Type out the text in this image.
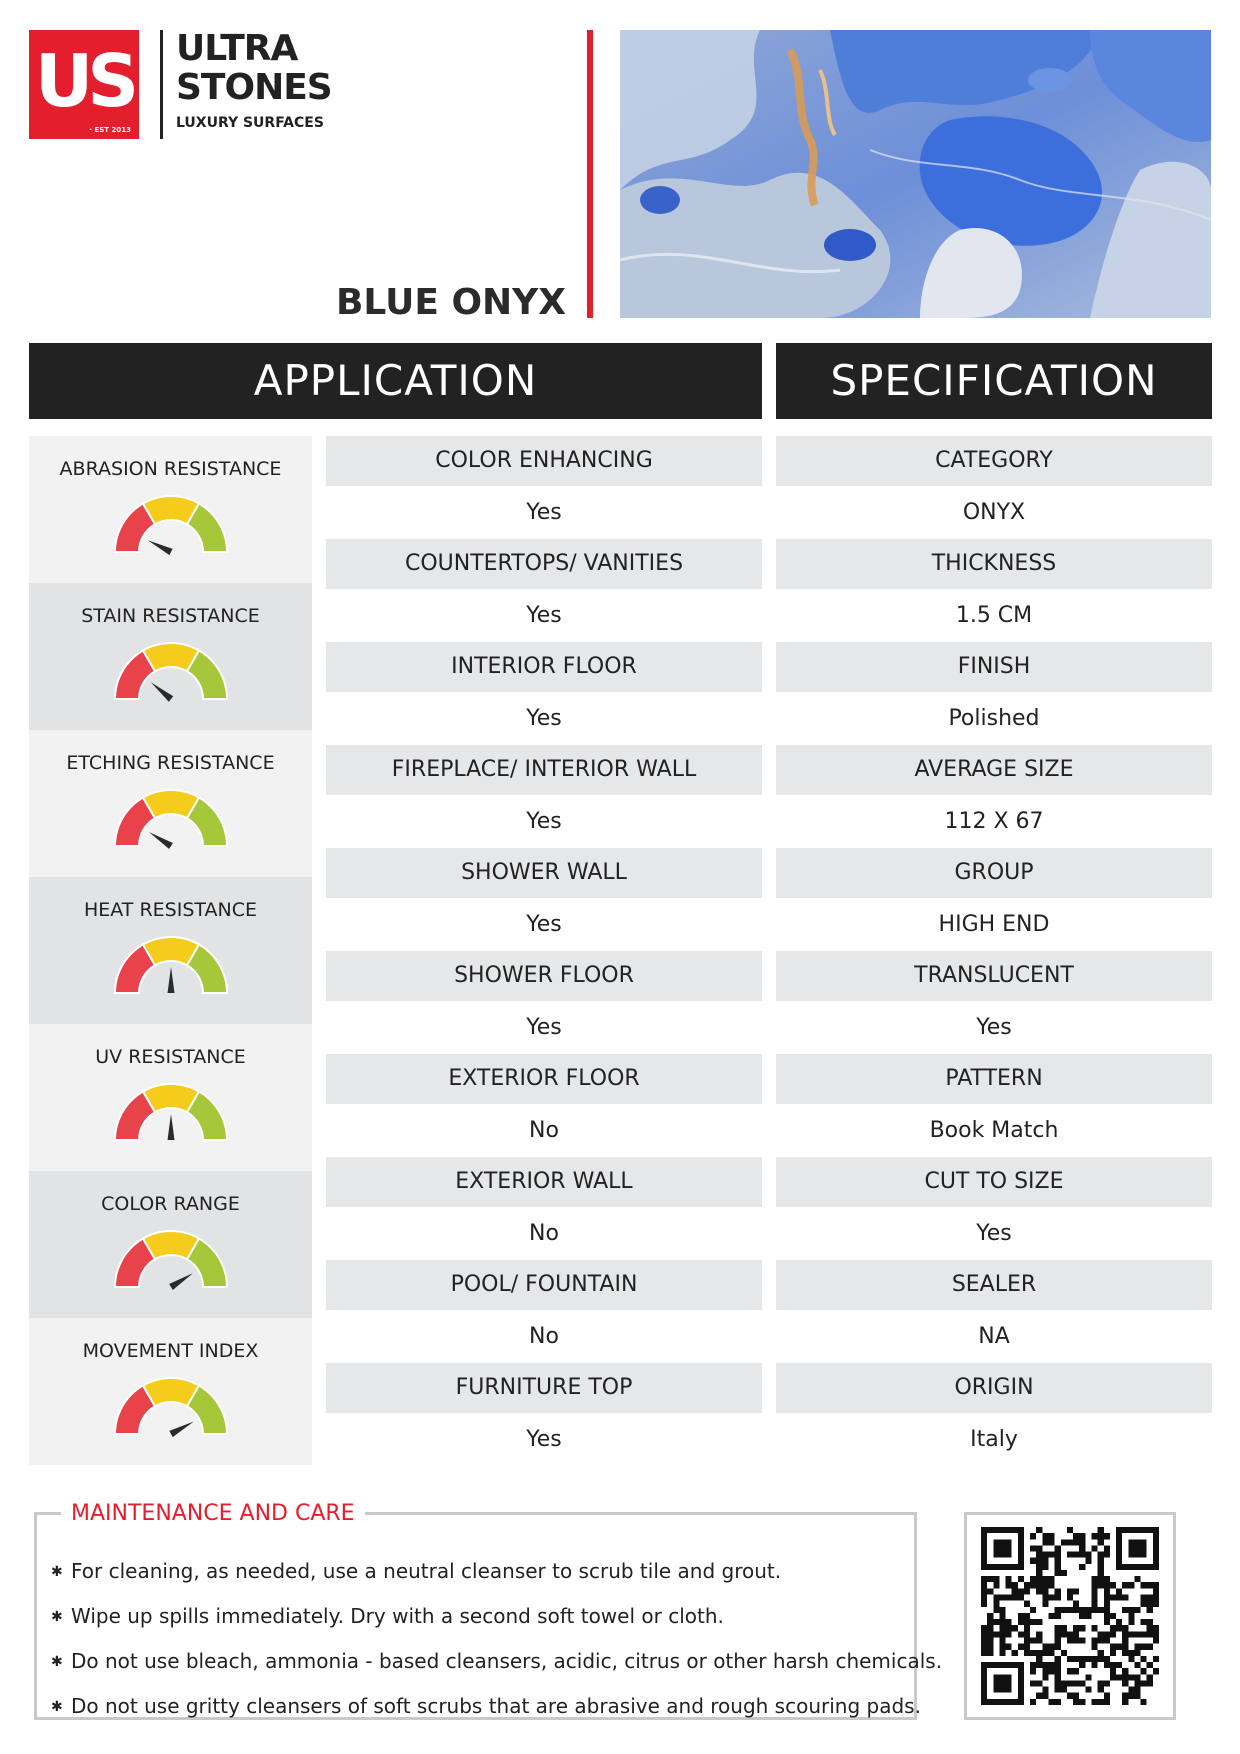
US
· EST 2013
ULTRA
STONES
LUXURY SURFACES
BLUE ONYX
APPLICATION	SPECIFICATION
ABRASION RESISTANCE
STAIN RESISTANCE
ETCHING RESISTANCE
HEAT RESISTANCE
UV RESISTANCE
COLOR RANGE
MOVEMENT INDEX
COLOR ENHANCING
Yes
COUNTERTOPS/ VANITIES
Yes
INTERIOR FLOOR
Yes
FIREPLACE/ INTERIOR WALL
Yes
SHOWER WALL
Yes
SHOWER FLOOR
Yes
EXTERIOR FLOOR
No
EXTERIOR WALL
No
POOL/ FOUNTAIN
No
FURNITURE TOP
Yes
CATEGORY
ONYX
THICKNESS
1.5 CM
FINISH
Polished
AVERAGE SIZE
112 X 67
GROUP
HIGH END
TRANSLUCENT
Yes
PATTERN
Book Match
CUT TO SIZE
Yes
SEALER
NA
ORIGIN
Italy
MAINTENANCE AND CARE
✱ For cleaning, as needed, use a neutral cleanser to scrub tile and grout.
✱ Wipe up spills immediately. Dry with a second soft towel or cloth.
✱ Do not use bleach, ammonia - based cleansers, acidic, citrus or other harsh chemicals.
✱ Do not use gritty cleansers of soft scrubs that are abrasive and rough scouring pads.
